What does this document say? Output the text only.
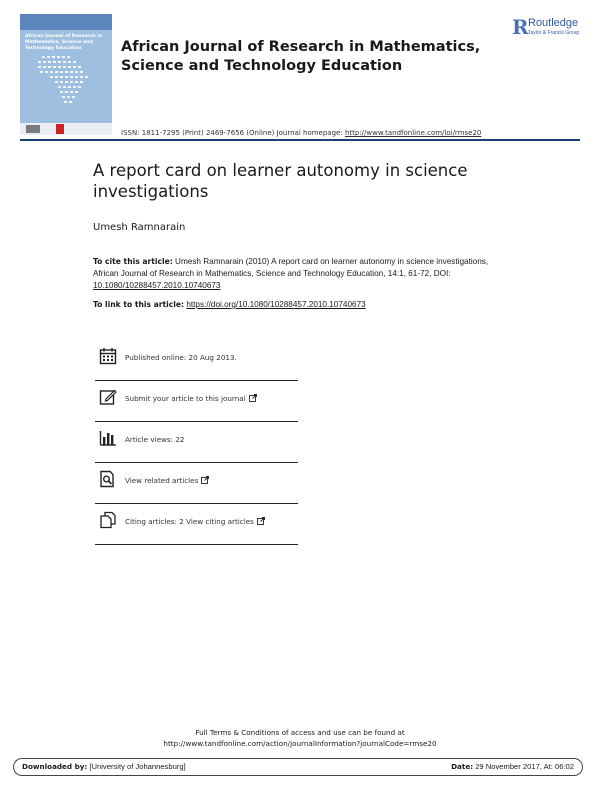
African Journal of Research in Mathematics, Science and Technology Education
R Routledge
Taylor & Francis Group
African Journal of Research in Mathematics, Science and Technology Education
ISSN: 1811-7295 (Print) 2469-7656 (Online) Journal homepage: http://www.tandfonline.com/loi/rmse20
A report card on learner autonomy in science investigations
Umesh Ramnarain
To cite this article: Umesh Ramnarain (2010) A report card on learner autonomy in science investigations, African Journal of Research in Mathematics, Science and Technology Education, 14:1, 61-72, DOI: 10.1080/10288457.2010.10740673
To link to this article: https://doi.org/10.1080/10288457.2010.10740673
Published online: 20 Aug 2013.
Submit your article to this journal
Article views: 22
View related articles
Citing articles: 2 View citing articles
Full Terms & Conditions of access and use can be found at
http://www.tandfonline.com/action/journalInformation?journalCode=rmse20
Downloaded by: [University of Johannesburg]	Date: 29 November 2017, At: 06:02
